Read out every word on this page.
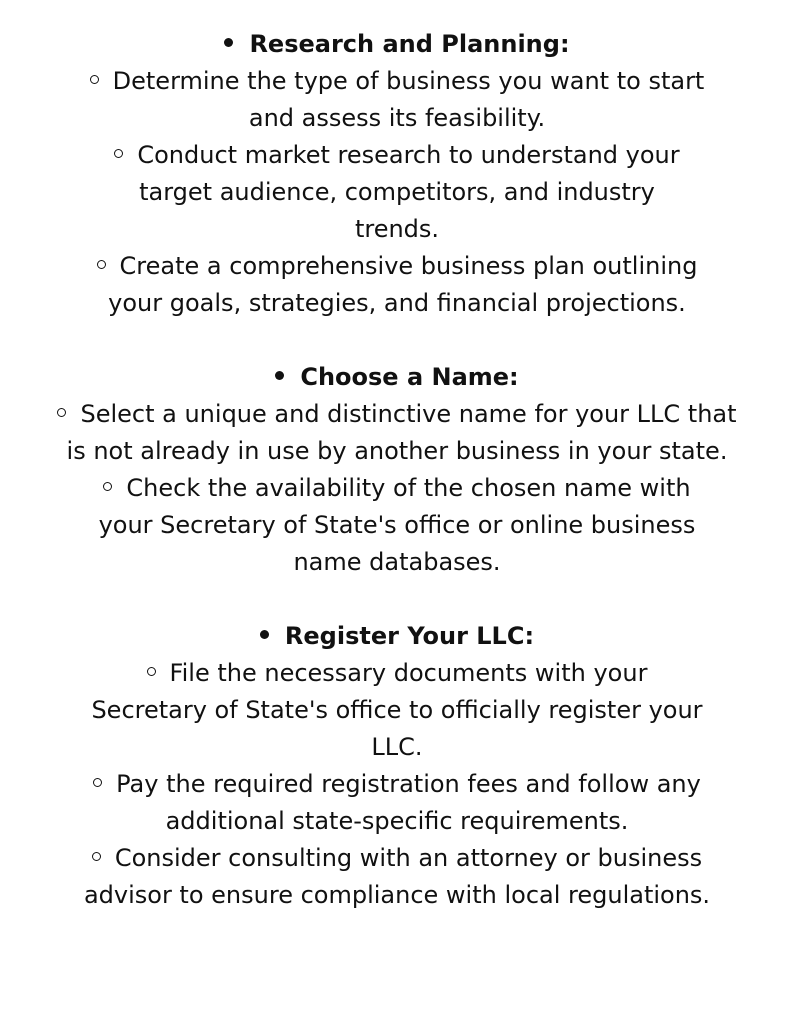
Research and Planning:
Determine the type of business you want to start and assess its feasibility.
Conduct market research to understand your target audience, competitors, and industry trends.
Create a comprehensive business plan outlining your goals, strategies, and financial projections.
Choose a Name:
Select a unique and distinctive name for your LLC that is not already in use by another business in your state.
Check the availability of the chosen name with your Secretary of State's office or online business name databases.
Register Your LLC:
File the necessary documents with your Secretary of State's office to officially register your LLC.
Pay the required registration fees and follow any additional state-specific requirements.
Consider consulting with an attorney or business advisor to ensure compliance with local regulations.
